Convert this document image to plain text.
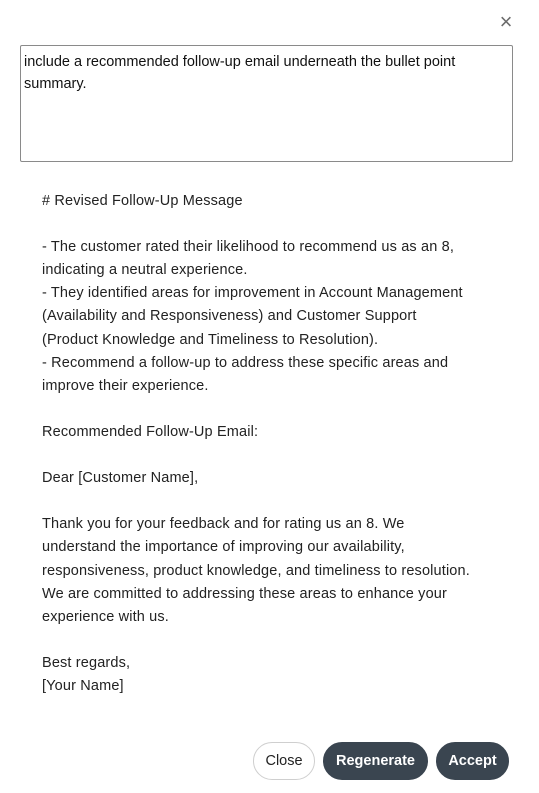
×
include a recommended follow-up email underneath the bullet point summary.
# Revised Follow-Up Message
- The customer rated their likelihood to recommend us as an 8,
indicating a neutral experience.
- They identified areas for improvement in Account Management
(Availability and Responsiveness) and Customer Support
(Product Knowledge and Timeliness to Resolution).
- Recommend a follow-up to address these specific areas and
improve their experience.
Recommended Follow-Up Email:
Dear [Customer Name],
Thank you for your feedback and for rating us an 8. We
understand the importance of improving our availability,
responsiveness, product knowledge, and timeliness to resolution.
We are committed to addressing these areas to enhance your
experience with us.
Best regards,
[Your Name]
Close	Regenerate	Accept
